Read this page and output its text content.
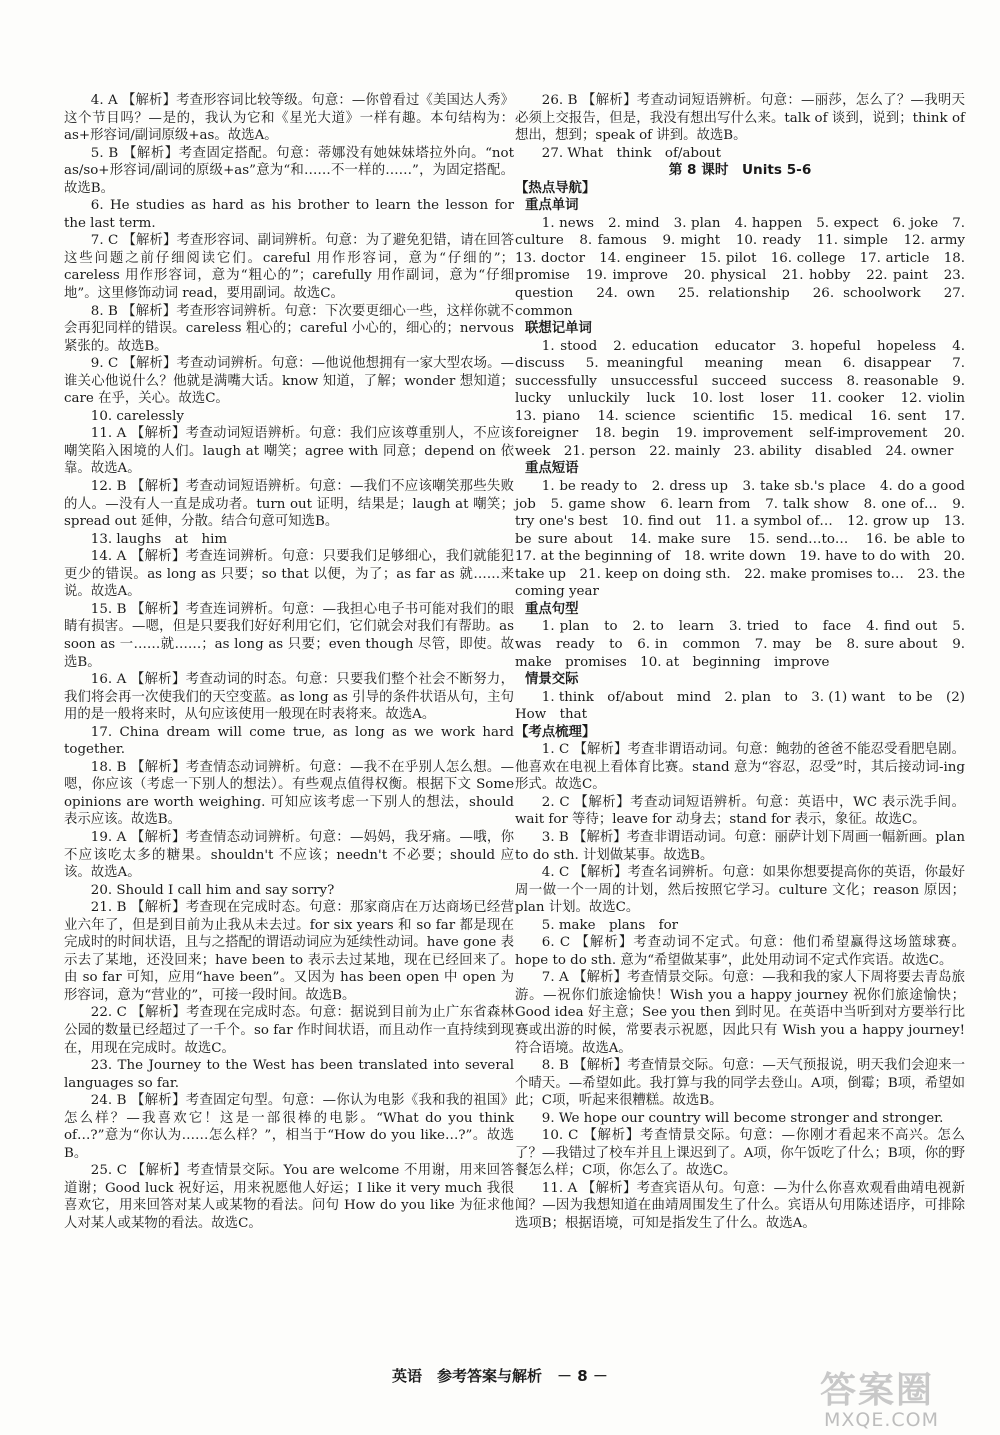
4. A 【解析】考查形容词比较等级。句意：—你曾看过《美国达人秀》这个节目吗？—是的，我认为它和《星光大道》一样有趣。本句结构为：as+形容词/副词原级+as。故选A。

5. B 【解析】考查固定搭配。句意：蒂娜没有她妹妹塔拉外向。“not as/so+形容词/副词的原级+as”意为“和……不一样的……”，为固定搭配。故选B。

6. He studies as hard as his brother to learn the lesson for the last term.

7. C 【解析】考查形容词、副词辨析。句意：为了避免犯错，请在回答这些问题之前仔细阅读它们。careful 用作形容词，意为“仔细的”；careless 用作形容词，意为“粗心的”；carefully 用作副词，意为“仔细地”。这里修饰动词 read，要用副词。故选C。

8. B 【解析】考查形容词辨析。句意：下次要更细心一些，这样你就不会再犯同样的错误。careless 粗心的；careful 小心的，细心的；nervous 紧张的。故选B。

9. C 【解析】考查动词辨析。句意：—他说他想拥有一家大型农场。—谁关心他说什么？他就是满嘴大话。know 知道，了解；wonder 想知道；care 在乎，关心。故选C。

10. carelessly

11. A 【解析】考查动词短语辨析。句意：我们应该尊重别人，不应该嘲笑陷入困境的人们。laugh at 嘲笑；agree with 同意；depend on 依靠。故选A。

12. B 【解析】考查动词短语辨析。句意：—我们不应该嘲笑那些失败的人。—没有人一直是成功者。turn out 证明，结果是；laugh at 嘲笑；spread out 延伸，分散。结合句意可知选B。

13. laughs　at　him

14. A 【解析】考查连词辨析。句意：只要我们足够细心，我们就能犯更少的错误。as long as 只要；so that 以便，为了；as far as 就……来说。故选A。

15. B 【解析】考查连词辨析。句意：—我担心电子书可能对我们的眼睛有损害。—嗯，但是只要我们好好利用它们，它们就会对我们有帮助。as soon as 一……就……；as long as 只要；even though 尽管，即使。故选B。

16. A 【解析】考查动词的时态。句意：只要我们整个社会不断努力，我们将会再一次使我们的天空变蓝。as long as 引导的条件状语从句，主句用的是一般将来时，从句应该使用一般现在时表将来。故选A。

17. China dream will come true, as long as we work hard together.

18. B 【解析】考查情态动词辨析。句意：—我不在乎别人怎么想。—嗯，你应该（考虑一下别人的想法）。有些观点值得权衡。根据下文 Some opinions are worth weighing. 可知应该考虑一下别人的想法，should 表示应该。故选B。

19. A 【解析】考查情态动词辨析。句意：—妈妈，我牙痛。—哦，你不应该吃太多的糖果。shouldn't 不应该；needn't 不必要；should 应该。故选A。

20. Should I call him and say sorry?

21. B 【解析】考查现在完成时态。句意：那家商店在万达商场已经营业六年了，但是到目前为止我从未去过。for six years 和 so far 都是现在完成时的时间状语，且与之搭配的谓语动词应为延续性动词。have gone 表示去了某地，还没回来；have been to 表示去过某地，现在已经回来了。由 so far 可知，应用“have been”。又因为 has been open 中 open 为形容词，意为“营业的”，可接一段时间。故选B。

22. C 【解析】考查现在完成时态。句意：据说到目前为止广东省森林公园的数量已经超过了一千个。so far 作时间状语，而且动作一直持续到现在，用现在完成时。故选C。

23. The Journey to the West has been translated into several languages so far.

24. B 【解析】考查固定句型。句意：—你认为电影《我和我的祖国》怎么样？—我喜欢它！这是一部很棒的电影。“What do you think of…?”意为“你认为……怎么样？”，相当于“How do you like…?”。故选B。

25. C 【解析】考查情景交际。You are welcome 不用谢，用来回答道谢；Good luck 祝好运，用来祝愿他人好运；I like it very much 我很喜欢它，用来回答对某人或某物的看法。问句 How do you like 为征求他人对某人或某物的看法。故选C。

26. B 【解析】考查动词短语辨析。句意：—丽莎，怎么了？—我明天必须上交报告，但是，我没有想出写什么来。talk of 谈到，说到；think of 想出，想到；speak of 讲到。故选B。

27. What　think　of/about

第 8 课时　Units 5-6

【热点导航】

重点单词

1. news　2. mind　3. plan　4. happen　5. expect　6. joke　7. culture　8. famous　9. might　10. ready　11. simple　12. army　13. doctor　14. engineer　15. pilot　16. college　17. article　18. promise　19. improve　20. physical　21. hobby　22. paint　23. question　24. own　25. relationship　26. schoolwork　27. common

联想记单词

1. stood　2. education　educator　3. hopeful　hopeless　4. discuss　5. meaningful　meaning　mean　6. disappear　7. successfully　unsuccessful　succeed　success　8. reasonable　9. lucky　unluckily　luck　10. lost　loser　11. cooker　12. violin　13. piano　14. science　scientific　15. medical　16. sent　17. foreigner　18. begin　19. improvement　self-improvement　20. week　21. person　22. mainly　23. ability　disabled　24. owner

重点短语

1. be ready to　2. dress up　3. take sb.'s place　4. do a good job　5. game show　6. learn from　7. talk show　8. one of…　9. try one's best　10. find out　11. a symbol of…　12. grow up　13. be sure about　14. make sure　15. send…to…　16. be able to　17. at the beginning of　18. write down　19. have to do with　20. take up　21. keep on doing sth.　22. make promises to…　23. the coming year

重点句型

1. plan　to　2. to　learn　3. tried　to　face　4. find out　5. was　ready　to　6. in　common　7. may　be　8. sure about　9. make　promises　10. at　beginning　improve

情景交际

1. think　of/about　mind　2. plan　to　3. (1) want　to be　(2) How　that

【考点梳理】

1. C 【解析】考查非谓语动词。句意：鲍勃的爸爸不能忍受看肥皂剧。他喜欢在电视上看体育比赛。stand 意为“容忍，忍受”时，其后接动词-ing 形式。故选C。

2. C 【解析】考查动词短语辨析。句意：英语中，WC 表示洗手间。wait for 等待；leave for 动身去；stand for 表示，象征。故选C。

3. B 【解析】考查非谓语动词。句意：丽萨计划下周画一幅新画。plan to do sth. 计划做某事。故选B。

4. C 【解析】考查名词辨析。句意：如果你想要提高你的英语，你最好周一做一个一周的计划，然后按照它学习。culture 文化；reason 原因；plan 计划。故选C。

5. make　plans　for

6. C 【解析】考查动词不定式。句意：他们希望赢得这场篮球赛。hope to do sth. 意为“希望做某事”，此处用动词不定式作宾语。故选C。

7. A 【解析】考查情景交际。句意：—我和我的家人下周将要去青岛旅游。—祝你们旅途愉快！Wish you a happy journey 祝你们旅途愉快；Good idea 好主意；See you then 到时见。在英语中当听到对方要举行比赛或出游的时候，常要表示祝愿，因此只有 Wish you a happy journey! 符合语境。故选A。

8. B 【解析】考查情景交际。句意：—天气预报说，明天我们会迎来一个晴天。—希望如此。我打算与我的同学去登山。A项，倒霉；B项，希望如此；C项，听起来很糟糕。故选B。

9. We hope our country will become stronger and stronger.

10. C 【解析】考查情景交际。句意：—你刚才看起来不高兴。怎么了？—我错过了校车并且上课迟到了。A项，你午饭吃了什么；B项，你的野餐怎么样；C项，你怎么了。故选C。

11. A 【解析】考查宾语从句。句意：—为什么你喜欢观看曲靖电视新闻？—因为我想知道在曲靖周围发生了什么。宾语从句用陈述语序，可排除选项B；根据语境，可知是指发生了什么。故选A。

英语　参考答案与解析　－ 8 －	答案圈
MXQE.COM
